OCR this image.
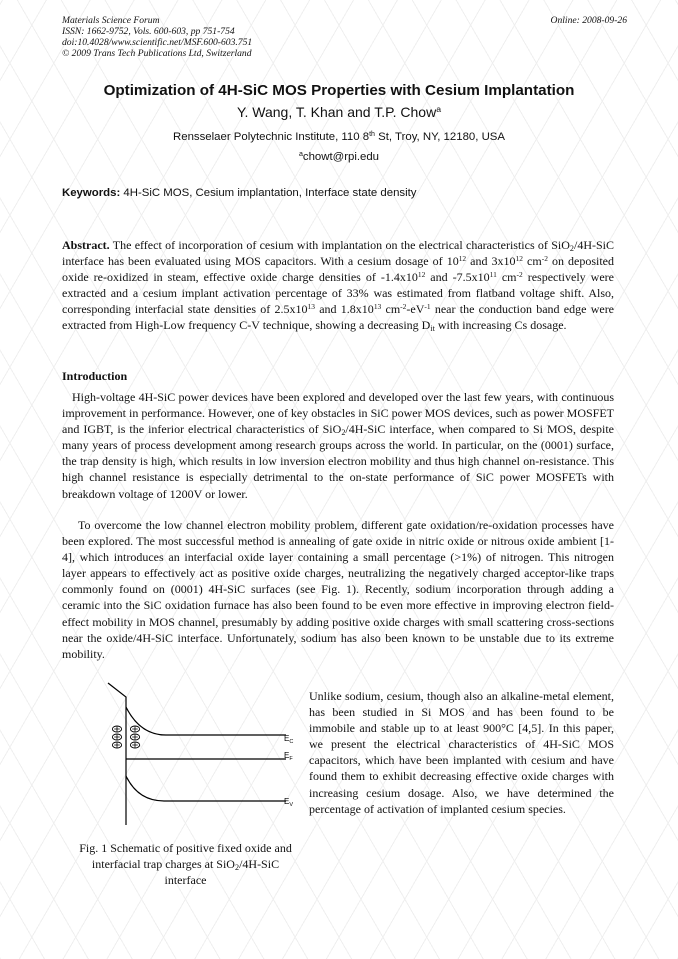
Materials Science Forum
ISSN: 1662-9752, Vols. 600-603, pp 751-754
doi:10.4028/www.scientific.net/MSF.600-603.751
© 2009 Trans Tech Publications Ltd, Switzerland
Online: 2008-09-26
Optimization of 4H-SiC MOS Properties with Cesium Implantation
Y. Wang, T. Khan and T.P. Chow$^a$
Rensselaer Polytechnic Institute, 110 8th St, Troy, NY, 12180, USA
$^a$chowt@rpi.edu
Keywords: 4H-SiC MOS, Cesium implantation, Interface state density

Abstract. The effect of incorporation of cesium with implantation on the electrical characteristics of SiO$_2$/4H-SiC interface has been evaluated using MOS capacitors. With a cesium dosage of $10^{12}$ and $3x10^{12}$ $cm^{-2}$ on deposited oxide re-oxidized in steam, effective oxide charge densities of $-1.4x10^{12}$ and $-7.5x10^{11}$ $cm^{-2}$ respectively were extracted and a cesium implant activation percentage of 33% was estimated from flatband voltage shift. Also, corresponding interfacial state densities of $2.5x10^{13}$ and $1.8x10^{13}$ $cm^{-2}-eV^{-1}$ near the conduction band edge were extracted from High-Low frequency C-V technique, showing a decreasing $D_{it}$ with increasing Cs dosage.

Introduction

High-voltage 4H-SiC power devices have been explored and developed over the last few years, with continuous improvement in performance. However, one of key obstacles in SiC power MOS devices, such as power MOSFET and IGBT, is the inferior electrical characteristics of SiO$_2$/4H-SiC interface, when compared to Si MOS, despite many years of process development among research groups across the world. In particular, on the (0001) surface, the trap density is high, which results in low inversion electron mobility and thus high channel on-resistance. This high channel resistance is especially detrimental to the on-state performance of SiC power MOSFETs with breakdown voltage of 1200V or lower.

To overcome the low channel electron mobility problem, different gate oxidation/re-oxidation processes have been explored. The most successful method is annealing of gate oxide in nitric oxide or nitrous oxide ambient [1-4], which introduces an interfacial oxide layer containing a small percentage (>1%) of nitrogen. This nitrogen layer appears to effectively act as positive oxide charges, neutralizing the negatively charged acceptor-like traps commonly found on (0001) 4H-SiC surfaces (see Fig. 1). Recently, sodium incorporation through adding a ceramic into the SiC oxidation furnace has also been found to be even more effective in improving electron field-effect mobility in MOS channel, presumably by adding positive oxide charges with small scattering cross-sections near the oxide/4H-SiC interface. Unfortunately, sodium has also been known to be unstable due to its extreme mobility.

$E_C$
$E_F$
$E_V$
Fig. 1 Schematic of positive fixed oxide and interfacial trap charges at SiO$_2$/4H-SiC interface

Unlike sodium, cesium, though also an alkaline-metal element, has been studied in Si MOS and has been found to be immobile and stable up to at least 900°C [4,5]. In this paper, we present the electrical characteristics of 4H-SiC MOS capacitors, which have been implanted with cesium and have found them to exhibit decreasing effective oxide charges with increasing cesium dosage. Also, we have determined the percentage of activation of implanted cesium species.
